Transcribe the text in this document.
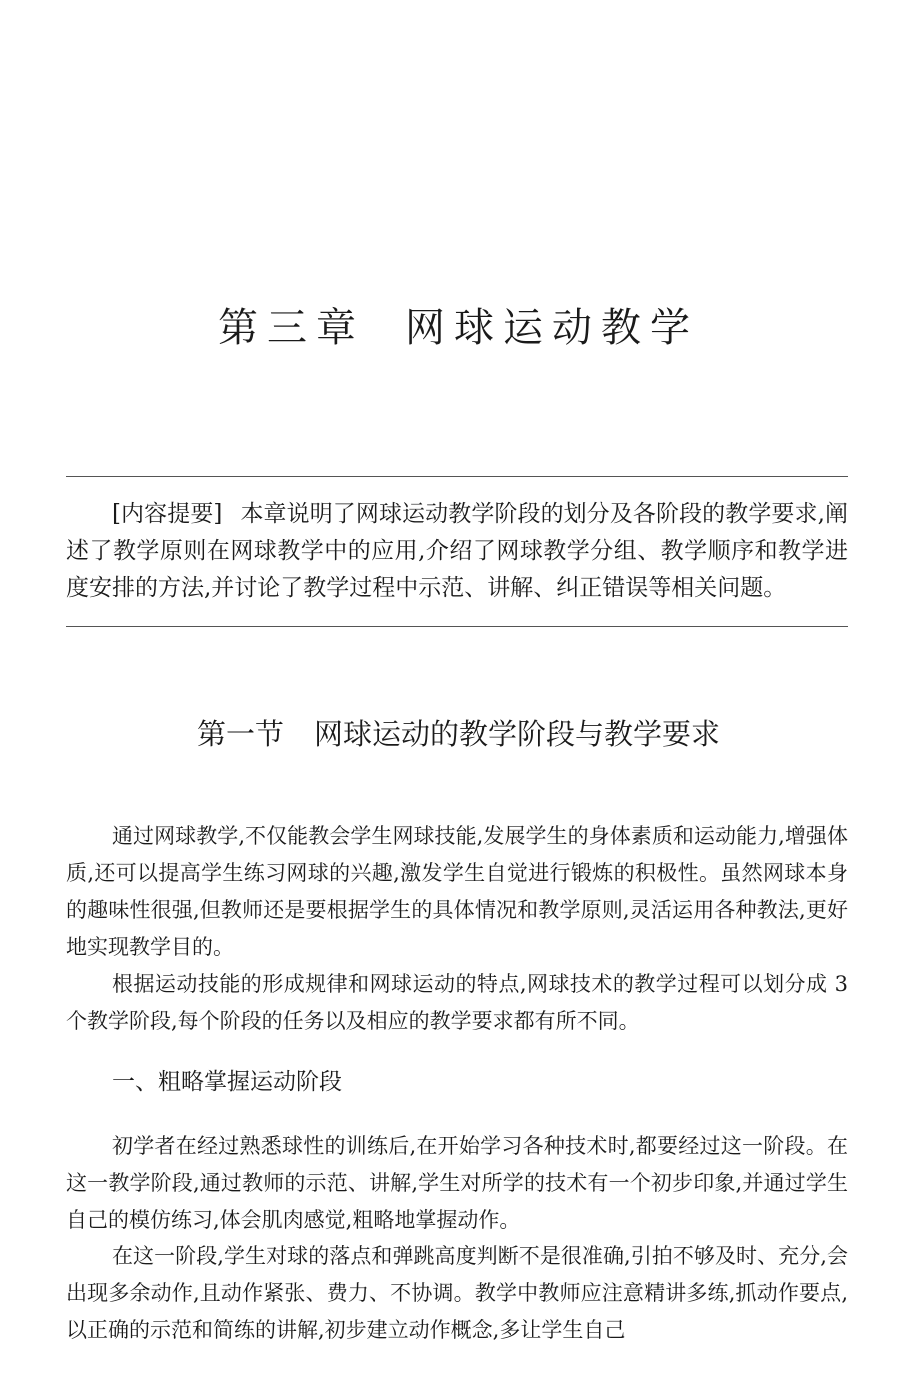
第三章 网球运动教学
[内容提要] 本章说明了网球运动教学阶段的划分及各阶段的教学要求,阐述了教学原则在网球教学中的应用,介绍了网球教学分组、教学顺序和教学进度安排的方法,并讨论了教学过程中示范、讲解、纠正错误等相关问题。
第一节 网球运动的教学阶段与教学要求

通过网球教学,不仅能教会学生网球技能,发展学生的身体素质和运动能力,增强体质,还可以提高学生练习网球的兴趣,激发学生自觉进行锻炼的积极性。虽然网球本身的趣味性很强,但教师还是要根据学生的具体情况和教学原则,灵活运用各种教法,更好地实现教学目的。

根据运动技能的形成规律和网球运动的特点,网球技术的教学过程可以划分成 3 个教学阶段,每个阶段的任务以及相应的教学要求都有所不同。

一、粗略掌握运动阶段

初学者在经过熟悉球性的训练后,在开始学习各种技术时,都要经过这一阶段。在这一教学阶段,通过教师的示范、讲解,学生对所学的技术有一个初步印象,并通过学生自己的模仿练习,体会肌肉感觉,粗略地掌握动作。

在这一阶段,学生对球的落点和弹跳高度判断不是很准确,引拍不够及时、充分,会出现多余动作,且动作紧张、费力、不协调。教学中教师应注意精讲多练,抓动作要点,以正确的示范和简练的讲解,初步建立动作概念,多让学生自己
